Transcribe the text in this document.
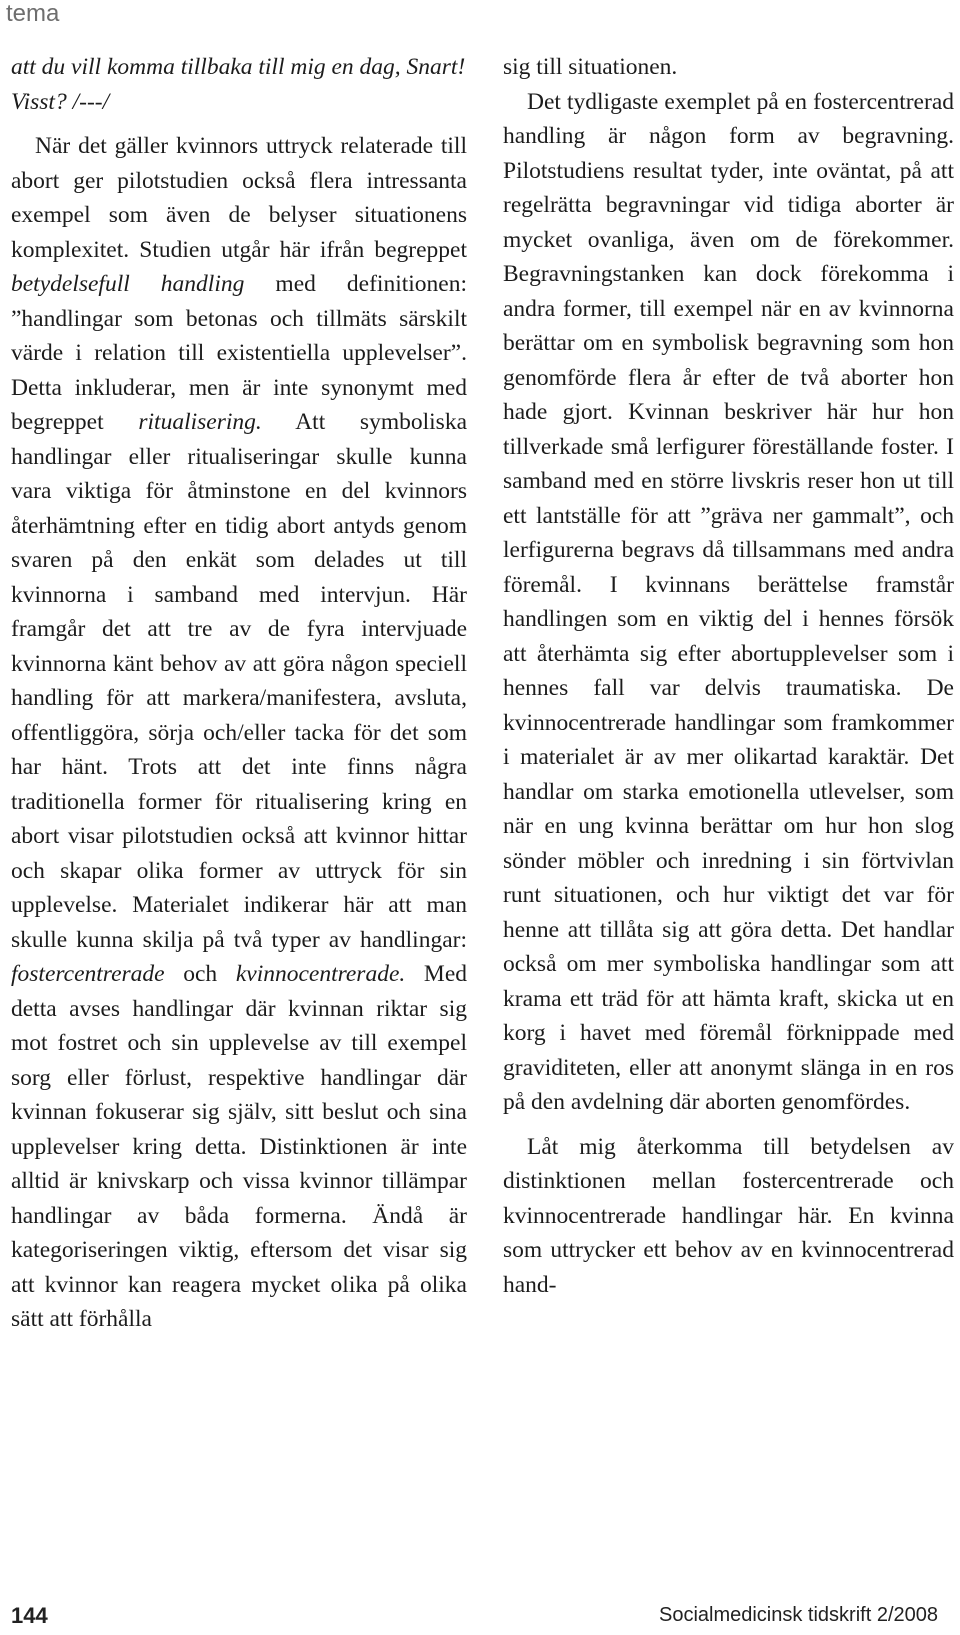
tema

att du vill komma tillbaka till mig en dag, Snart! Visst? /---/

När det gäller kvinnors uttryck relaterade till abort ger pilotstudien också flera intressanta exempel som även de belyser situationens komplexitet. Studien utgår här ifrån begreppet betydelsefull handling med definitionen: ”handlingar som betonas och tillmäts särskilt värde i relation till existentiella upplevelser”. Detta inkluderar, men är inte synonymt med begreppet ritualisering. Att symboliska handlingar eller ritualiseringar skulle kunna vara viktiga för åtminstone en del kvinnors återhämtning efter en tidig abort antyds genom svaren på den enkät som delades ut till kvinnorna i samband med intervjun. Här framgår det att tre av de fyra intervjuade kvinnorna känt behov av att göra någon speciell handling för att markera/manifestera, avsluta, offentliggöra, sörja och/eller tacka för det som har hänt. Trots att det inte finns några traditionella former för ritualisering kring en abort visar pilotstudien också att kvinnor hittar och skapar olika former av uttryck för sin upplevelse. Materialet indikerar här att man skulle kunna skilja på två typer av handlingar: fostercentrerade och kvinnocentrerade. Med detta avses handlingar där kvinnan riktar sig mot fostret och sin upplevelse av till exempel sorg eller förlust, respektive handlingar där kvinnan fokuserar sig själv, sitt beslut och sina upplevelser kring detta. Distinktionen är inte alltid är knivskarp och vissa kvinnor tillämpar handlingar av båda formerna. Ändå är kategoriseringen viktig, eftersom det visar sig att kvinnor kan reagera mycket olika på olika sätt att förhålla

sig till situationen.

Det tydligaste exemplet på en fostercentrerad handling är någon form av begravning. Pilotstudiens resultat tyder, inte oväntat, på att regelrätta begravningar vid tidiga aborter är mycket ovanliga, även om de förekommer. Begravningstanken kan dock förekomma i andra former, till exempel när en av kvinnorna berättar om en symbolisk begravning som hon genomförde flera år efter de två aborter hon hade gjort. Kvinnan beskriver här hur hon tillverkade små lerfigurer föreställande foster. I samband med en större livskris reser hon ut till ett lantställe för att ”gräva ner gammalt”, och lerfigurerna begravs då tillsammans med andra föremål. I kvinnans berättelse framstår handlingen som en viktig del i hennes försök att återhämta sig efter abortupplevelser som i hennes fall var delvis traumatiska. De kvinnocentrerade handlingar som framkommer i materialet är av mer olikartad karaktär. Det handlar om starka emotionella utlevelser, som när en ung kvinna berättar om hur hon slog sönder möbler och inredning i sin förtvivlan runt situationen, och hur viktigt det var för henne att tillåta sig att göra detta. Det handlar också om mer symboliska handlingar som att krama ett träd för att hämta kraft, skicka ut en korg i havet med föremål förknippade med graviditeten, eller att anonymt slänga in en ros på den avdelning där aborten genomfördes.

Låt mig återkomma till betydelsen av distinktionen mellan fostercentrerade och kvinnocentrerade handlingar här. En kvinna som uttrycker ett behov av en kvinnocentrerad hand-

144	Socialmedicinsk tidskrift 2/2008
